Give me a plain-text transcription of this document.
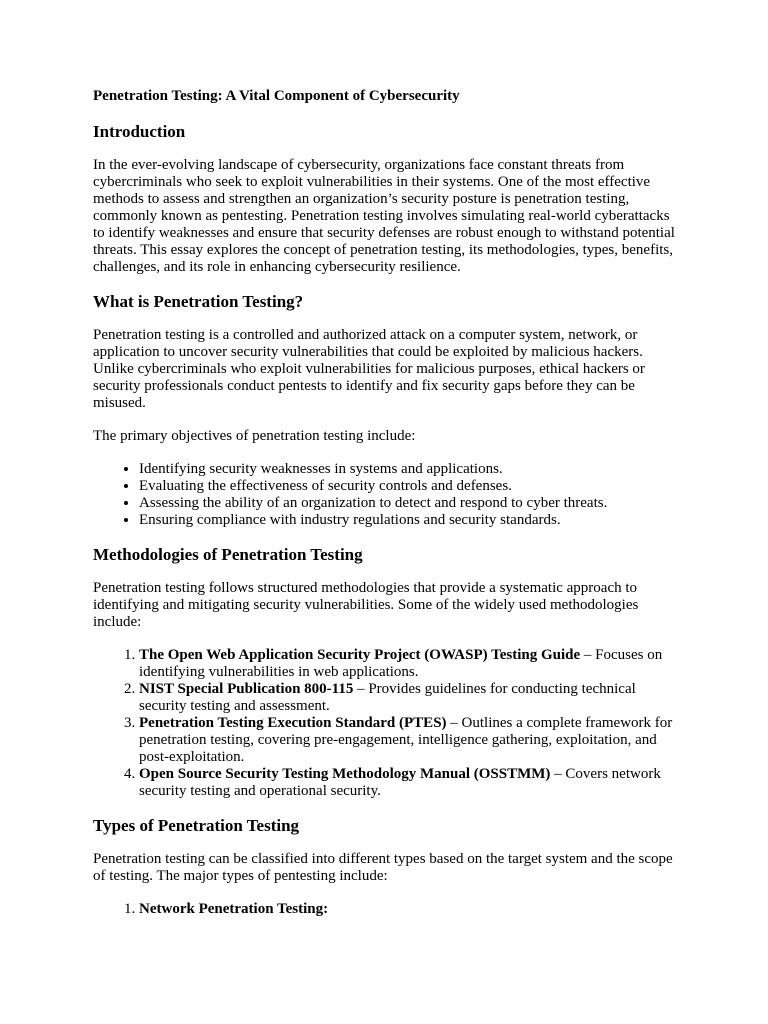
Penetration Testing: A Vital Component of Cybersecurity
Introduction

In the ever-evolving landscape of cybersecurity, organizations face constant threats from cybercriminals who seek to exploit vulnerabilities in their systems. One of the most effective methods to assess and strengthen an organization’s security posture is penetration testing, commonly known as pentesting. Penetration testing involves simulating real-world cyberattacks to identify weaknesses and ensure that security defenses are robust enough to withstand potential threats. This essay explores the concept of penetration testing, its methodologies, types, benefits, challenges, and its role in enhancing cybersecurity resilience.

What is Penetration Testing?

Penetration testing is a controlled and authorized attack on a computer system, network, or application to uncover security vulnerabilities that could be exploited by malicious hackers. Unlike cybercriminals who exploit vulnerabilities for malicious purposes, ethical hackers or security professionals conduct pentests to identify and fix security gaps before they can be misused.

The primary objectives of penetration testing include:

• Identifying security weaknesses in systems and applications.
• Evaluating the effectiveness of security controls and defenses.
• Assessing the ability of an organization to detect and respond to cyber threats.
• Ensuring compliance with industry regulations and security standards.
Methodologies of Penetration Testing

Penetration testing follows structured methodologies that provide a systematic approach to identifying and mitigating security vulnerabilities. Some of the widely used methodologies include:

1. The Open Web Application Security Project (OWASP) Testing Guide – Focuses on identifying vulnerabilities in web applications.
2. NIST Special Publication 800-115 – Provides guidelines for conducting technical security testing and assessment.
3. Penetration Testing Execution Standard (PTES) – Outlines a complete framework for penetration testing, covering pre-engagement, intelligence gathering, exploitation, and post-exploitation.
4. Open Source Security Testing Methodology Manual (OSSTMM) – Covers network security testing and operational security.
Types of Penetration Testing

Penetration testing can be classified into different types based on the target system and the scope of testing. The major types of pentesting include:

1. Network Penetration Testing:
